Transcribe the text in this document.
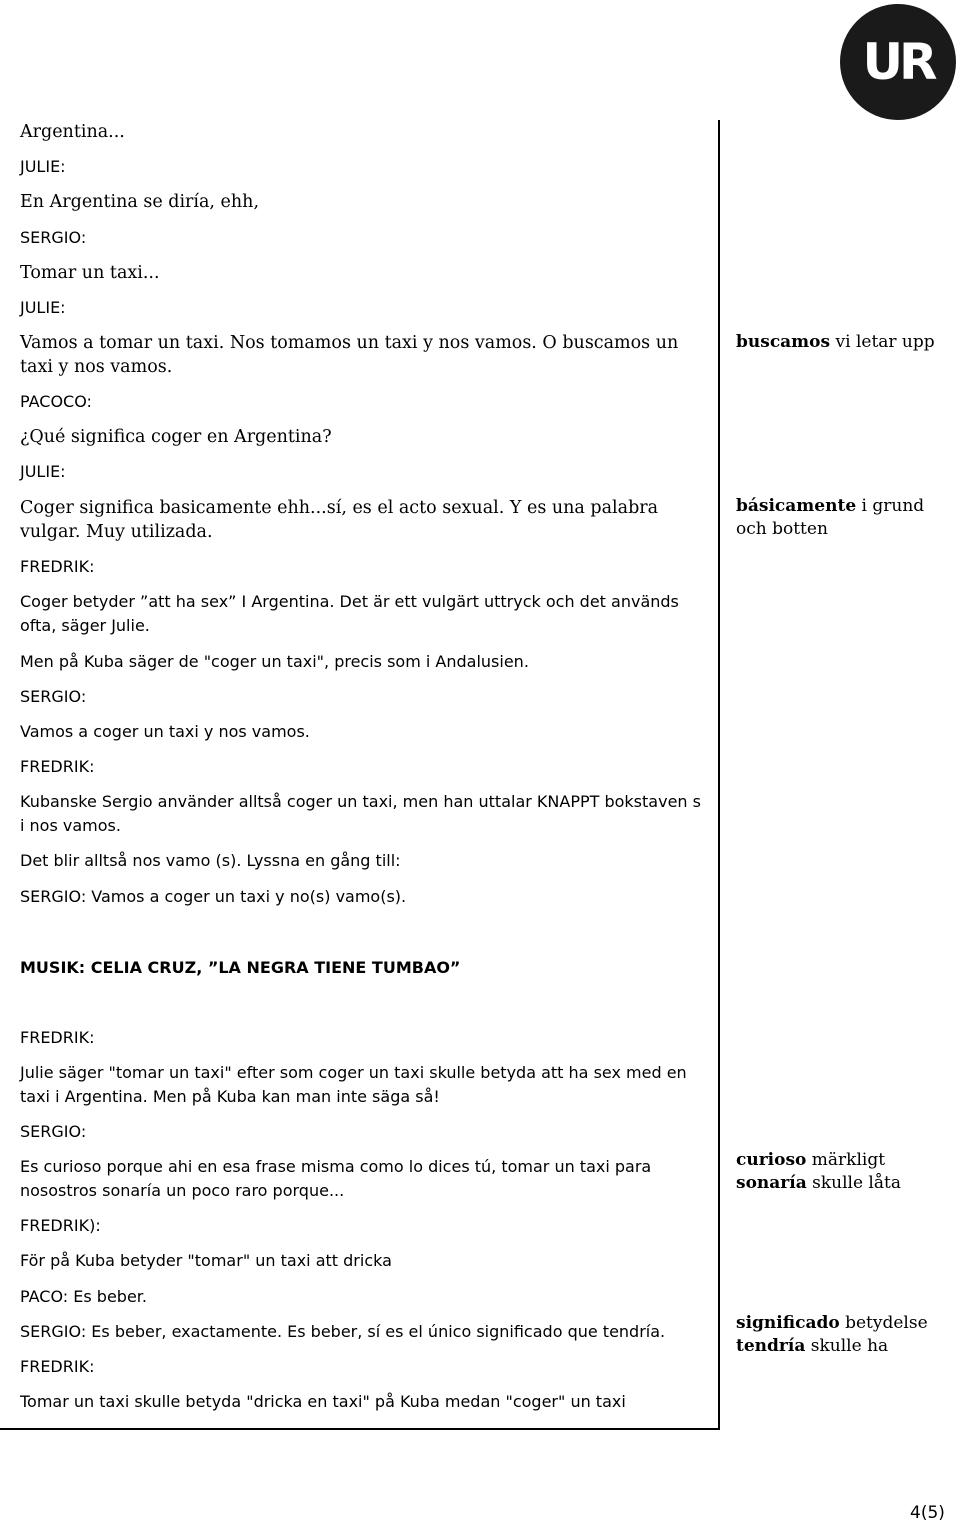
UR
Argentina...
JULIE:
En Argentina se diría, ehh,
SERGIO:
Tomar un taxi...
JULIE:
Vamos a tomar un taxi. Nos tomamos un taxi y nos vamos. O buscamos un taxi y nos vamos.
PACOCO:
¿Qué significa coger en Argentina?
JULIE:
Coger significa basicamente ehh...sí, es el acto sexual. Y es una palabra vulgar. Muy utilizada.
FREDRIK:
Coger betyder ”att ha sex” I Argentina. Det är ett vulgärt uttryck och det används ofta, säger Julie.
Men på Kuba säger de "coger un taxi", precis som i Andalusien.
SERGIO:
Vamos a coger un taxi y nos vamos.
FREDRIK:
Kubanske Sergio använder alltså coger un taxi, men han uttalar KNAPPT bokstaven s i nos vamos.
Det blir alltså nos vamo (s). Lyssna en gång till:
SERGIO: Vamos a coger un taxi y no(s) vamo(s).
MUSIK: CELIA CRUZ, ”LA NEGRA TIENE TUMBAO”
FREDRIK:
Julie säger "tomar un taxi" efter som coger un taxi skulle betyda att ha sex med en taxi i Argentina. Men på Kuba kan man inte säga så!
SERGIO:
Es curioso porque ahi en esa frase misma como lo dices tú, tomar un taxi para nosostros sonaría un poco raro porque...
FREDRIK):
För på Kuba betyder "tomar" un taxi att dricka
PACO: Es beber.
SERGIO: Es beber, exactamente. Es beber, sí es el único significado que tendría.
FREDRIK:
Tomar un taxi skulle betyda "dricka en taxi" på Kuba medan "coger" un taxi
buscamos vi letar upp
básicamente i grund och botten
curioso märkligt
sonaría skulle låta
significado betydelse
tendría skulle ha
4(5)
